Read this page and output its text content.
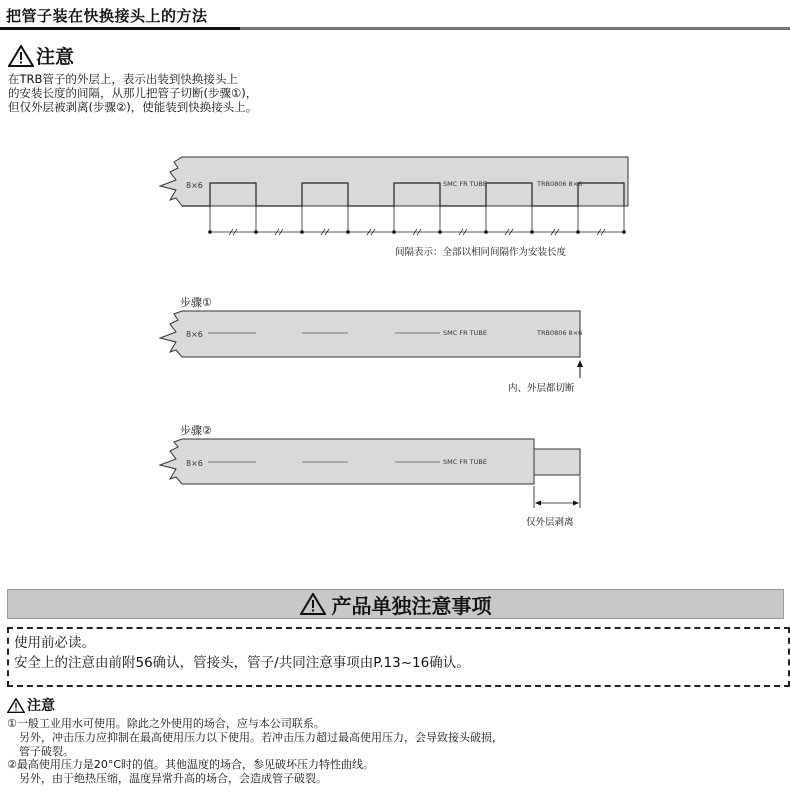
把管子装在快换接头上的方法
注意
在TRB管子的外层上，表示出装到快换接头上
的安装长度的间隔，从那儿把管子切断(步骤①)，
但仅外层被剥离(步骤②)，使能装到快换接头上。
8×6	SMC FR TUBE	TRB0806 8×6
间隔表示：全部以相同间隔作为安装长度
步骤①
8×6	SMC FR TUBE	TRB0806 8×6
内、外层都切断
步骤②
8×6	SMC FR TUBE
仅外层剥离
产品单独注意事项
使用前必读。
安全上的注意由前附56确认，管接头，管子/共同注意事项由P.13~16确认。
注意
①一般工业用水可使用。除此之外使用的场合，应与本公司联系。
另外，冲击压力应抑制在最高使用压力以下使用。若冲击压力超过最高使用压力，会导致接头破损，
管子破裂。
②最高使用压力是20°C时的值。其他温度的场合，参见破坏压力特性曲线。
另外，由于绝热压缩，温度异常升高的场合，会造成管子破裂。
